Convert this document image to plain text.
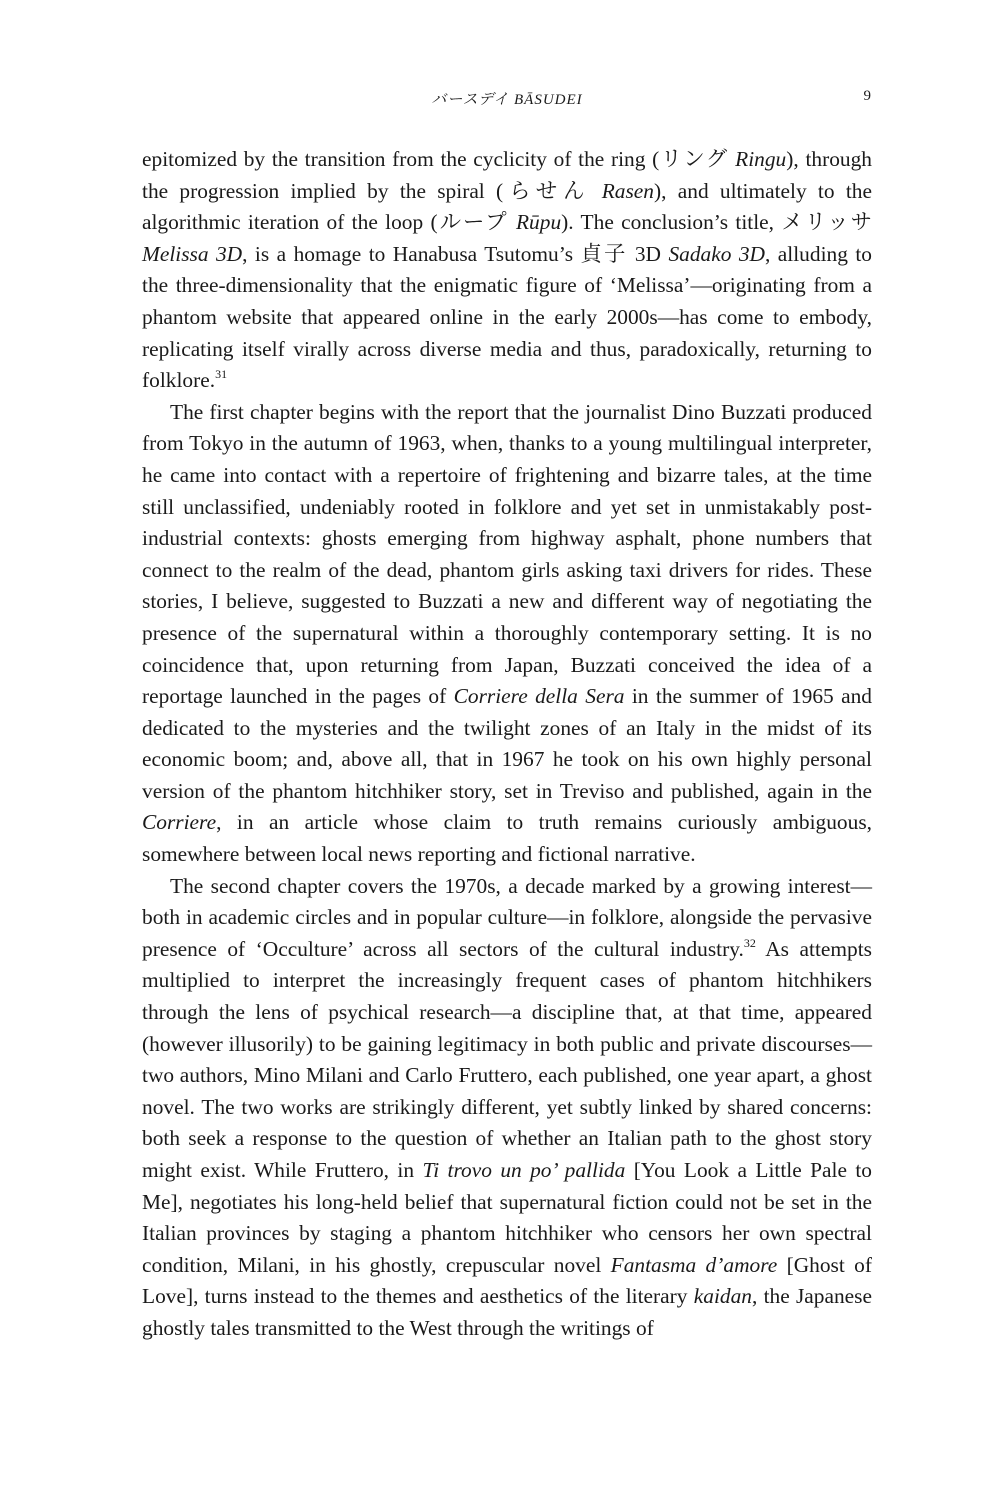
バースデイ BĀSUDEI	9

epitomized by the transition from the cyclicity of the ring (リング Ringu), through the progression implied by the spiral (らせん Rasen), and ultimately to the algorithmic iteration of the loop (ループ Rūpu). The conclusion’s title, メリッサ Melissa 3D, is a homage to Hanabusa Tsutomu’s 貞子 3D Sadako 3D, alluding to the three-dimensionality that the enigmatic figure of ‘Melissa’—originating from a phantom website that appeared online in the early 2000s—has come to embody, replicating itself virally across diverse media and thus, paradoxically, returning to folklore.$^{31}$

The first chapter begins with the report that the journalist Dino Buzzati produced from Tokyo in the autumn of 1963, when, thanks to a young multilingual interpreter, he came into contact with a repertoire of frightening and bizarre tales, at the time still unclassified, undeniably rooted in folklore and yet set in unmistakably post-industrial contexts: ghosts emerging from highway asphalt, phone numbers that connect to the realm of the dead, phantom girls asking taxi drivers for rides. These stories, I believe, suggested to Buzzati a new and different way of negotiating the presence of the supernatural within a thoroughly contemporary setting. It is no coincidence that, upon returning from Japan, Buzzati conceived the idea of a reportage launched in the pages of Corriere della Sera in the summer of 1965 and dedicated to the mysteries and the twilight zones of an Italy in the midst of its economic boom; and, above all, that in 1967 he took on his own highly personal version of the phantom hitchhiker story, set in Treviso and published, again in the Corriere, in an article whose claim to truth remains curiously ambiguous, somewhere between local news reporting and fictional narrative.

The second chapter covers the 1970s, a decade marked by a growing interest—both in academic circles and in popular culture—in folklore, alongside the pervasive presence of ‘Occulture’ across all sectors of the cultural industry.$^{32}$ As attempts multiplied to interpret the increasingly frequent cases of phantom hitchhikers through the lens of psychical research—a discipline that, at that time, appeared (however illusorily) to be gaining legitimacy in both public and private discourses—two authors, Mino Milani and Carlo Fruttero, each published, one year apart, a ghost novel. The two works are strikingly different, yet subtly linked by shared concerns: both seek a response to the question of whether an Italian path to the ghost story might exist. While Fruttero, in Ti trovo un po’ pallida [You Look a Little Pale to Me], negotiates his long-held belief that supernatural fiction could not be set in the Italian provinces by staging a phantom hitchhiker who censors her own spectral condition, Milani, in his ghostly, crepuscular novel Fantasma d’amore [Ghost of Love], turns instead to the themes and aesthetics of the literary kaidan, the Japanese ghostly tales transmitted to the West through the writings of
